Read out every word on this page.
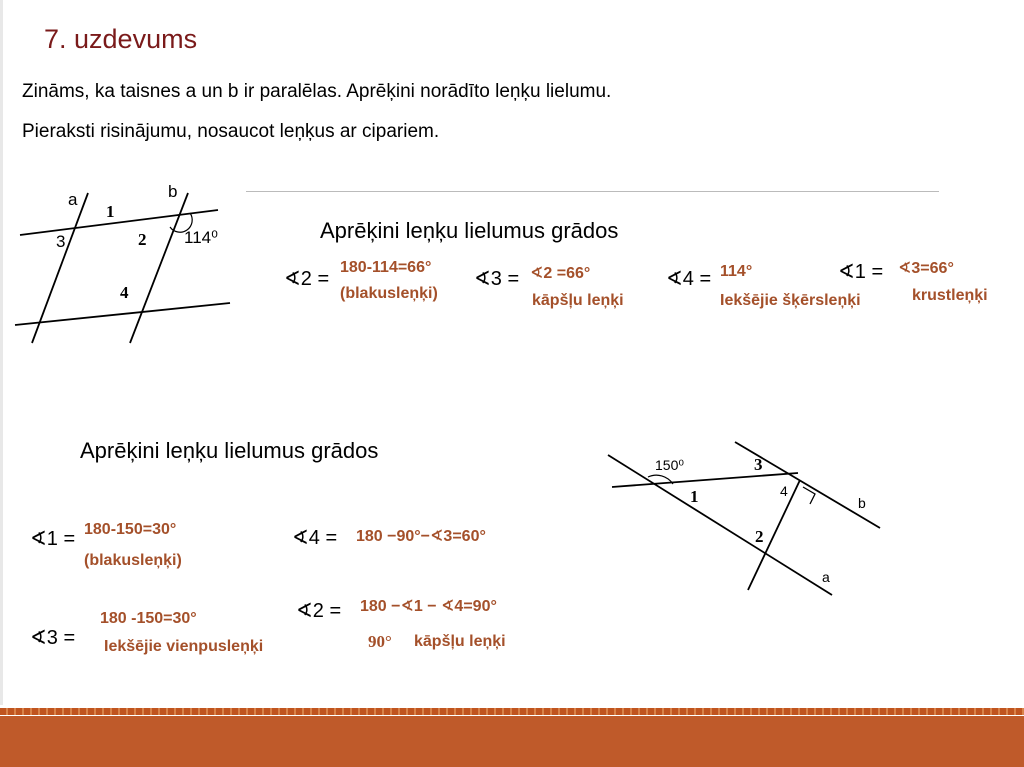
7. uzdevums
Zināms, ka taisnes a un b ir paralēlas. Aprēķini norādīto leņķu lielumu.
Pieraksti risinājumu, nosaucot leņķus ar cipariem.
a	b
1
3	2 114⁰
4
Aprēķini leņķu lielumus grādos
∢2 =
180-114=66°
(blakusleņķi)
∢3 = ∢2 =66°
kāpšļu leņķi
∢4 = 114°
Iekšējie šķērsleņķi
∢1 = ∢3=66°
krustleņķi
Aprēķini leņķu lielumus grādos
∢1 = 180-150=30°
(blakusleņķi)
∢4 = 180 −90°−∢3=60°
∢3 =
180 -150=30°
Iekšējie vienpusleņķi
∢2 = 180 −∢1 − ∢4=90°
90° kāpšļu leņķi
150⁰	3
1	4
2
b
a
